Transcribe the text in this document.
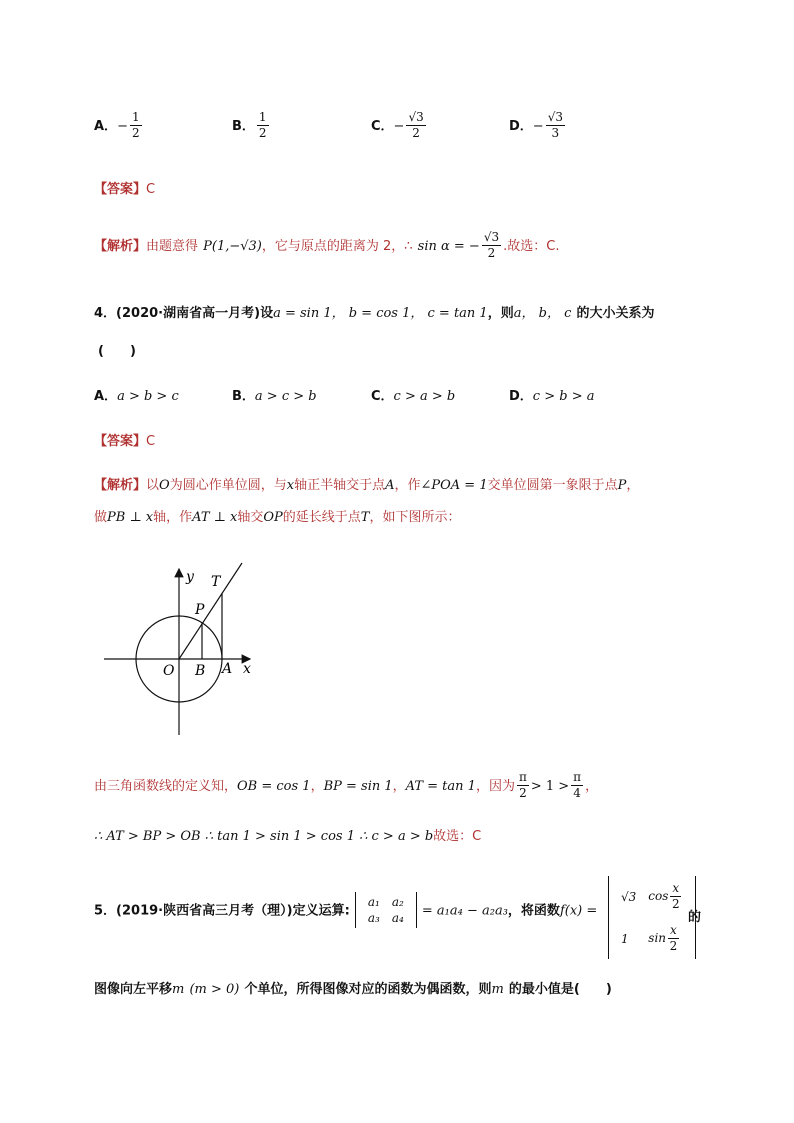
A．− $\frac{1}{2}$	B． $\frac{1}{2}$	C．− $\frac{√3}{2}$	D．− $\frac{√3}{3}$
【答案】C
【解析】由题意得 P(1,−√3)，它与原点的距离为 2，∴ sin α = − $\frac{√3}{2}$ .故选：C.
4．(2020·湖南省高一月考)设a = sin 1， b = cos 1， c = tan 1，则a， b， c 的大小关系为
(　　)
A．a > b > c	B．a > c > b	C．c > a > b	D．c > b > a
【答案】C
【解析】以O为圆心作单位圆，与x轴正半轴交于点A，作∠POA = 1交单位圆第一象限于点P，
做PB ⊥ x轴，作AT ⊥ x轴交OP的延长线于点T，如下图所示：
y T
P
O B A x
由三角函数线的定义知，OB = cos 1，BP = sin 1，AT = tan 1，因为 $\frac{\pi}{2} > 1 > \frac{\pi}{4}$ ，
∴ AT > BP > OB ∴ tan 1 > sin 1 > cos 1 ∴ c > a > b故选：C
5．(2019·陕西省高三月考（理）)定义运算:
a₁	a₂
a₃	a₄ = a₁a₄ − a₂a₃，将函数f(x) =
√3	$\cos \frac{x}{2}$

1	$\sin \frac{x}{2}$
的
图像向左平移m (m > 0) 个单位，所得图像对应的函数为偶函数，则m 的最小值是(　　)
